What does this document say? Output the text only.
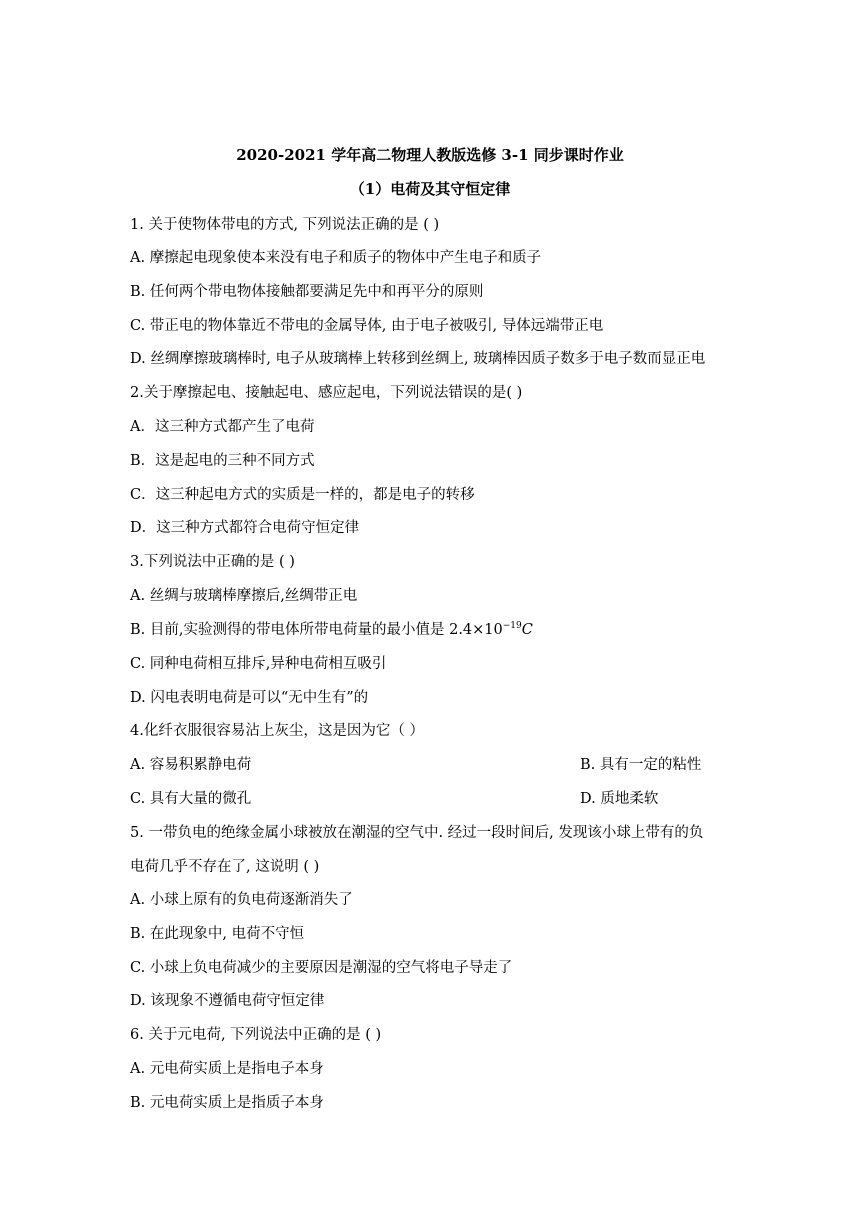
2020-2021 学年高二物理人教版选修 3-1 同步课时作业
（1）电荷及其守恒定律
1. 关于使物体带电的方式, 下列说法正确的是 ( )
A. 摩擦起电现象使本来没有电子和质子的物体中产生电子和质子
B. 任何两个带电物体接触都要满足先中和再平分的原则
C. 带正电的物体靠近不带电的金属导体, 由于电子被吸引, 导体远端带正电
D. 丝绸摩擦玻璃棒时, 电子从玻璃棒上转移到丝绸上, 玻璃棒因质子数多于电子数而显正电
2.关于摩擦起电、接触起电、感应起电，下列说法错误的是( )
A．这三种方式都产生了电荷
B．这是起电的三种不同方式
C．这三种起电方式的实质是一样的，都是电子的转移
D．这三种方式都符合电荷守恒定律
3.下列说法中正确的是 ( )
A. 丝绸与玻璃棒摩擦后,丝绸带正电
B. 目前,实验测得的带电体所带电荷量的最小值是 $2.4\times 10^{-19}C$
C. 同种电荷相互排斥,异种电荷相互吸引
D. 闪电表明电荷是可以“无中生有”的
4.化纤衣服很容易沾上灰尘，这是因为它（ ）
A. 容易积累静电荷	B. 具有一定的粘性
C. 具有大量的微孔	D. 质地柔软
5. 一带负电的绝缘金属小球被放在潮湿的空气中. 经过一段时间后, 发现该小球上带有的负
电荷几乎不存在了, 这说明 ( )
A. 小球上原有的负电荷逐渐消失了
B. 在此现象中, 电荷不守恒
C. 小球上负电荷减少的主要原因是潮湿的空气将电子导走了
D. 该现象不遵循电荷守恒定律
6. 关于元电荷, 下列说法中正确的是 ( )
A. 元电荷实质上是指电子本身
B. 元电荷实质上是指质子本身
